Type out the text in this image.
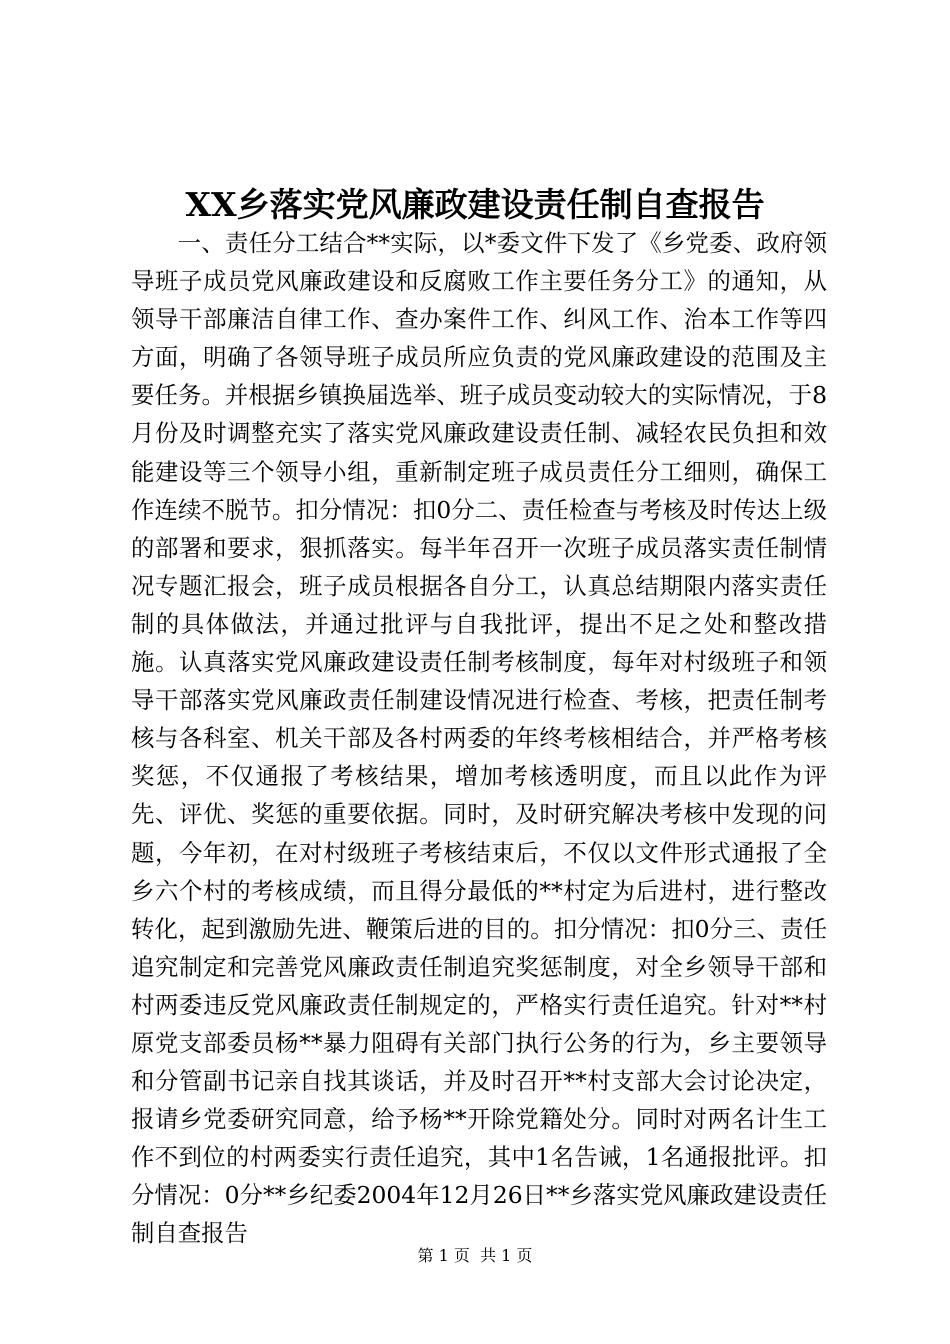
XX乡落实党风廉政建设责任制自查报告

一、责任分工结合**实际，以*委文件下发了《乡党委、政府领导班子成员党风廉政建设和反腐败工作主要任务分工》的通知，从领导干部廉洁自律工作、查办案件工作、纠风工作、治本工作等四方面，明确了各领导班子成员所应负责的党风廉政建设的范围及主要任务。并根据乡镇换届选举、班子成员变动较大的实际情况，于8月份及时调整充实了落实党风廉政建设责任制、减轻农民负担和效能建设等三个领导小组，重新制定班子成员责任分工细则，确保工作连续不脱节。扣分情况：扣0分二、责任检查与考核及时传达上级的部署和要求，狠抓落实。每半年召开一次班子成员落实责任制情况专题汇报会，班子成员根据各自分工，认真总结期限内落实责任制的具体做法，并通过批评与自我批评，提出不足之处和整改措施。认真落实党风廉政建设责任制考核制度，每年对村级班子和领导干部落实党风廉政责任制建设情况进行检查、考核，把责任制考核与各科室、机关干部及各村两委的年终考核相结合，并严格考核奖惩，不仅通报了考核结果，增加考核透明度，而且以此作为评先、评优、奖惩的重要依据。同时，及时研究解决考核中发现的问题，今年初，在对村级班子考核结束后，不仅以文件形式通报了全乡六个村的考核成绩，而且得分最低的**村定为后进村，进行整改转化，起到激励先进、鞭策后进的目的。扣分情况：扣0分三、责任追究制定和完善党风廉政责任制追究奖惩制度，对全乡领导干部和村两委违反党风廉政责任制规定的，严格实行责任追究。针对**村原党支部委员杨**暴力阻碍有关部门执行公务的行为，乡主要领导和分管副书记亲自找其谈话，并及时召开**村支部大会讨论决定，报请乡党委研究同意，给予杨**开除党籍处分。同时对两名计生工作不到位的村两委实行责任追究，其中1名告诫，1名通报批评。扣分情况：0分**乡纪委2004年12月26日**乡落实党风廉政建设责任制自查报告

第 1 页  共 1 页
